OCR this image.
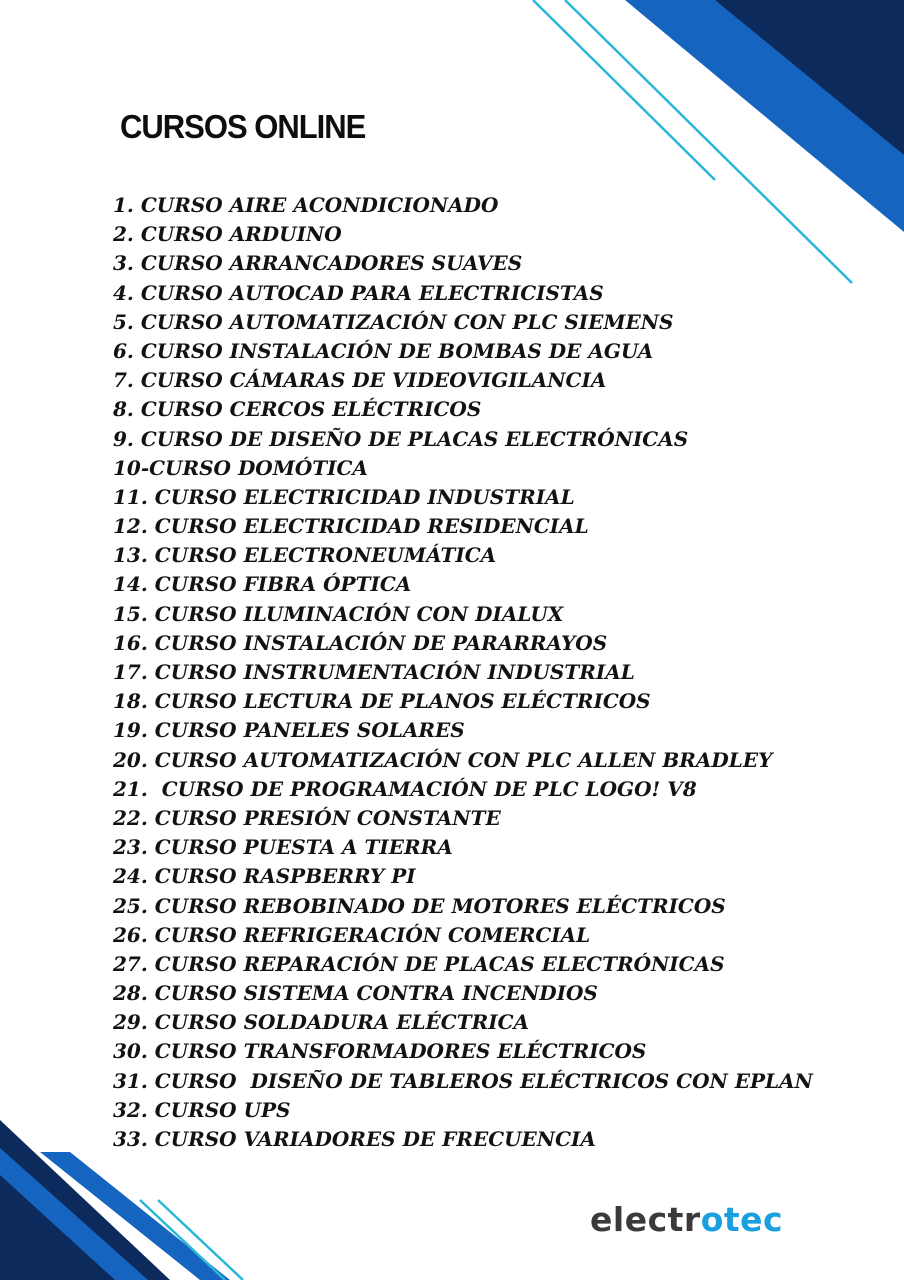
CURSOS ONLINE
1. CURSO AIRE ACONDICIONADO
2. CURSO ARDUINO
3. CURSO ARRANCADORES SUAVES
4. CURSO AUTOCAD PARA ELECTRICISTAS
5. CURSO AUTOMATIZACIÓN CON PLC SIEMENS
6. CURSO INSTALACIÓN DE BOMBAS DE AGUA
7. CURSO CÁMARAS DE VIDEOVIGILANCIA
8. CURSO CERCOS ELÉCTRICOS
9. CURSO DE DISEÑO DE PLACAS ELECTRÓNICAS
10-CURSO DOMÓTICA
11. CURSO ELECTRICIDAD INDUSTRIAL
12. CURSO ELECTRICIDAD RESIDENCIAL
13. CURSO ELECTRONEUMÁTICA
14. CURSO FIBRA ÓPTICA
15. CURSO ILUMINACIÓN CON DIALUX
16. CURSO INSTALACIÓN DE PARARRAYOS
17. CURSO INSTRUMENTACIÓN INDUSTRIAL
18. CURSO LECTURA DE PLANOS ELÉCTRICOS
19. CURSO PANELES SOLARES
20. CURSO AUTOMATIZACIÓN CON PLC ALLEN BRADLEY
21.  CURSO DE PROGRAMACIÓN DE PLC LOGO! V8
22. CURSO PRESIÓN CONSTANTE
23. CURSO PUESTA A TIERRA
24. CURSO RASPBERRY PI
25. CURSO REBOBINADO DE MOTORES ELÉCTRICOS
26. CURSO REFRIGERACIÓN COMERCIAL
27. CURSO REPARACIÓN DE PLACAS ELECTRÓNICAS
28. CURSO SISTEMA CONTRA INCENDIOS
29. CURSO SOLDADURA ELÉCTRICA
30. CURSO TRANSFORMADORES ELÉCTRICOS
31. CURSO  DISEÑO DE TABLEROS ELÉCTRICOS CON EPLAN
32. CURSO UPS
33. CURSO VARIADORES DE FRECUENCIA
electrotec
